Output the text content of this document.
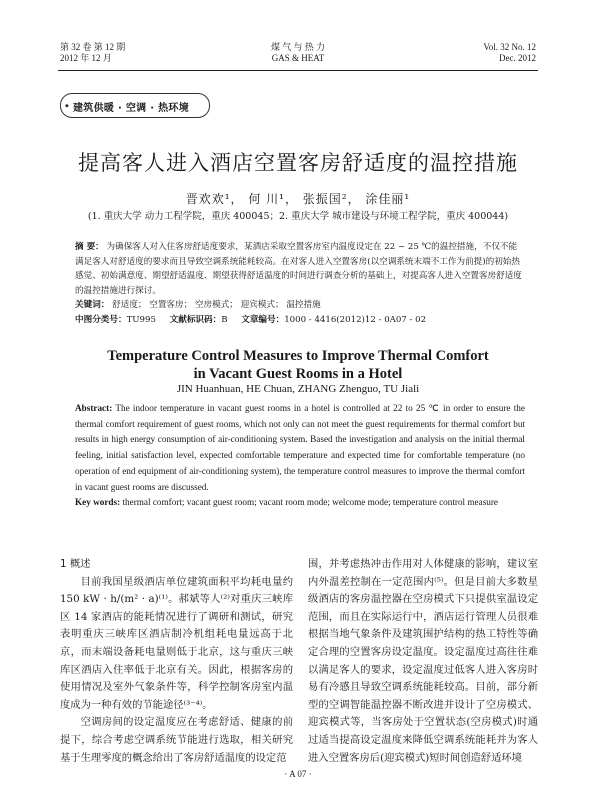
第 32 卷 第 12 期
2012 年 12 月
煤 气 与 热 力
GAS & HEAT
Vol. 32 No. 12
Dec. 2012
◆ 建筑供暖 · 空调 · 热环境
提高客人进入酒店空置客房舒适度的温控措施
晋欢欢¹， 何 川¹， 张振国²， 涂佳丽¹
(1. 重庆大学 动力工程学院，重庆 400045；2. 重庆大学 城市建设与环境工程学院，重庆 400044)

摘 要： 为确保客人对入住客房舒适度要求，某酒店采取空置客房室内温度设定在 22 ~ 25 ℃的温控措施，不仅不能满足客人对舒适度的要求而且导致空调系统能耗较高。在对客人进入空置客房(以空调系统末端不工作为前提)的初始热感觉、初始满意度、期望舒适温度、期望获得舒适温度的时间进行调查分析的基础上，对提高客人进入空置客房舒适度的温控措施进行探讨。

关键词： 舒适度； 空置客房； 空房模式； 迎宾模式； 温控措施

中图分类号：TU995 文献标识码：B 文章编号：1000 - 4416(2012)12 - 0A07 - 02

Temperature Control Measures to Improve Thermal Comfort
in Vacant Guest Rooms in a Hotel
JIN Huanhuan, HE Chuan, ZHANG Zhenguo, TU Jiali

Abstract: The indoor temperature in vacant guest rooms in a hotel is controlled at 22 to 25 ℃ in order to ensure the thermal comfort requirement of guest rooms, which not only can not meet the guest requirements for thermal comfort but results in high energy consumption of air-conditioning system. Based the investigation and analysis on the initial thermal feeling, initial satisfaction level, expected comfortable temperature and expected time for comfortable temperature (no operation of end equipment of air-conditioning system), the temperature control measures to improve the thermal comfort in vacant guest rooms are discussed.

Key words: thermal comfort; vacant guest room; vacant room mode; welcome mode; temperature control measure

1 概述

目前我国星级酒店单位建筑面积平均耗电量约 150 kW · h/(m² · a)⁽¹⁾。郝斌等人⁽²⁾对重庆三峡库区 14 家酒店的能耗情况进行了调研和测试，研究表明重庆三峡库区酒店制冷机组耗电量远高于北京，而末端设备耗电量则低于北京，这与重庆三峡库区酒店入住率低于北京有关。因此，根据客房的使用情况及室外气象条件等，科学控制客房室内温度成为一种有效的节能途径⁽³⁻⁴⁾。

空调房间的设定温度应在考虑舒适、健康的前提下，综合考虑空调系统节能进行选取，相关研究基于生理零度的概念给出了客房舒适温度的设定范

围，并考虑热冲击作用对人体健康的影响，建议室内外温差控制在一定范围内⁽⁵⁾。但是目前大多数星级酒店的客房温控器在空房模式下只提供室温设定范围，而且在实际运行中，酒店运行管理人员很难根据当地气象条件及建筑围护结构的热工特性等确定合理的空置客房设定温度。设定温度过高往往难以满足客人的要求，设定温度过低客人进入客房时易有冷感且导致空调系统能耗较高。目前，部分新型的空调智能温控器不断改进并设计了空房模式、迎宾模式等，当客房处于空置状态(空房模式)时通过适当提高设定温度来降低空调系统能耗并为客人进入空置客房后(迎宾模式)短时间创造舒适环境

· A 07 ·
